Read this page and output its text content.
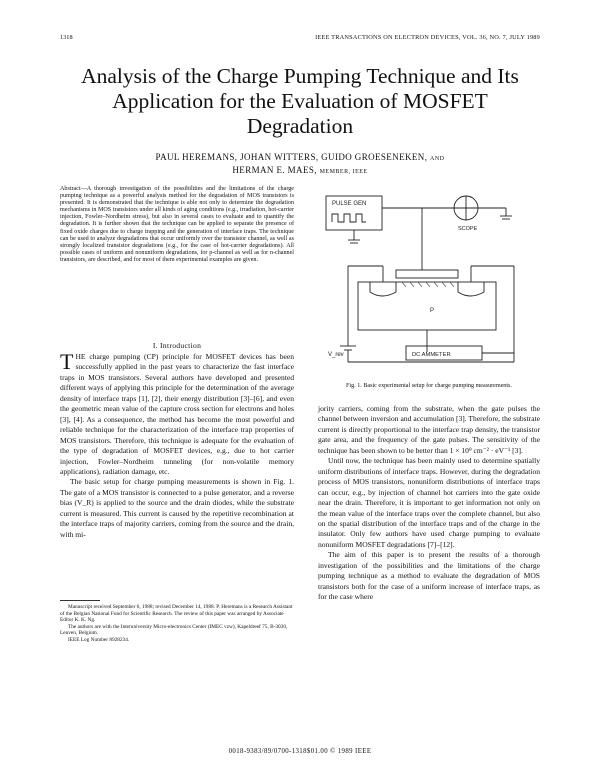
1318	IEEE TRANSACTIONS ON ELECTRON DEVICES, VOL. 36, NO. 7, JULY 1989
Analysis of the Charge Pumping Technique and Its
Application for the Evaluation of MOSFET
Degradation
PAUL HEREMANS, JOHAN WITTERS, GUIDO GROESENEKEN, AND
HERMAN E. MAES, MEMBER, IEEE
Abstract—A thorough investigation of the possibilities and the limitations of the charge pumping technique as a powerful analysis method for the degradation of MOS transistors is presented. It is demonstrated that the technique is able not only to determine the degradation mechanisms in MOS transistors under all kinds of aging conditions (e.g., irradiation, hot-carrier injection, Fowler–Nordheim stress), but also in several cases to evaluate and to quantify the degradation. It is further shown that the technique can be applied to separate the presence of fixed oxide charges due to charge trapping and the generation of interface traps. The technique can be used to analyze degradations that occur uniformly over the transistor channel, as well as strongly localized transistor degradations (e.g., for the case of hot-carrier degradations). All possible cases of uniform and nonuniform degradations, for p-channel as well as for n-channel transistors, are described, and for most of them experimental examples are given.
I. Introduction

THE charge pumping (CP) principle for MOSFET devices has been successfully applied in the past years to characterize the fast interface traps in MOS transistors. Several authors have developed and presented different ways of applying this principle for the determination of the average density of interface traps [1], [2], their energy distribution [3]–[6], and even the geometric mean value of the capture cross section for electrons and holes [3], [4]. As a consequence, the method has become the most powerful and reliable technique for the characterization of the interface trap properties of MOS transistors. Therefore, this technique is adequate for the evaluation of the type of degradation of MOSFET devices, e.g., due to hot carrier injection, Fowler–Nordheim tunneling (for non-volatile memory applications), radiation damage, etc.

The basic setup for charge pumping measurements is shown in Fig. 1. The gate of a MOS transistor is connected to a pulse generator, and a reverse bias (V_R) is applied to the source and the drain diodes, while the substrate current is measured. This current is caused by the repetitive recombination at the interface traps of majority carriers, coming from the source and the drain, with mi-

Manuscript received September 6, 1988; revised December 14, 1988. P. Heremans is a Research Assistant of the Belgian National Fund for Scientific Research. The review of this paper was arranged by Associate Editor K. K. Ng.

The authors are with the Interuniversity Micro-electronics Center (IMEC vzw), Kapeldreef 75, B-3030, Leuven, Belgium.

IEEE Log Number 8928234.

PULSE GEN
SCOPE
P
V_rev	DC AMMETER
Fig. 1. Basic experimental setup for charge pumping measurements.

jority carriers, coming from the substrate, when the gate pulses the channel between inversion and accumulation [3]. Therefore, the substrate current is directly proportional to the interface trap density, the transistor gate area, and the frequency of the gate pulses. The sensitivity of the technique has been shown to be better than 1 × 10⁹ cm⁻² · eV⁻¹ [3].

Until now, the technique has been mainly used to determine spatially uniform distributions of interface traps. However, during the degradation process of MOS transistors, nonuniform distributions of interface traps can occur, e.g., by injection of channel hot carriers into the gate oxide near the drain. Therefore, it is important to get information not only on the mean value of the interface traps over the complete channel, but also on the spatial distribution of the interface traps and of the charge in the insulator. Only few authors have used charge pumping to evaluate nonuniform MOSFET degradations [7]–[12].

The aim of this paper is to present the results of a thorough investigation of the possibilities and the limitations of the charge pumping technique as a method to evaluate the degradation of MOS transistors both for the case of a uniform increase of interface traps, as for the case where

0018-9383/89/0700-1318$01.00 © 1989 IEEE
